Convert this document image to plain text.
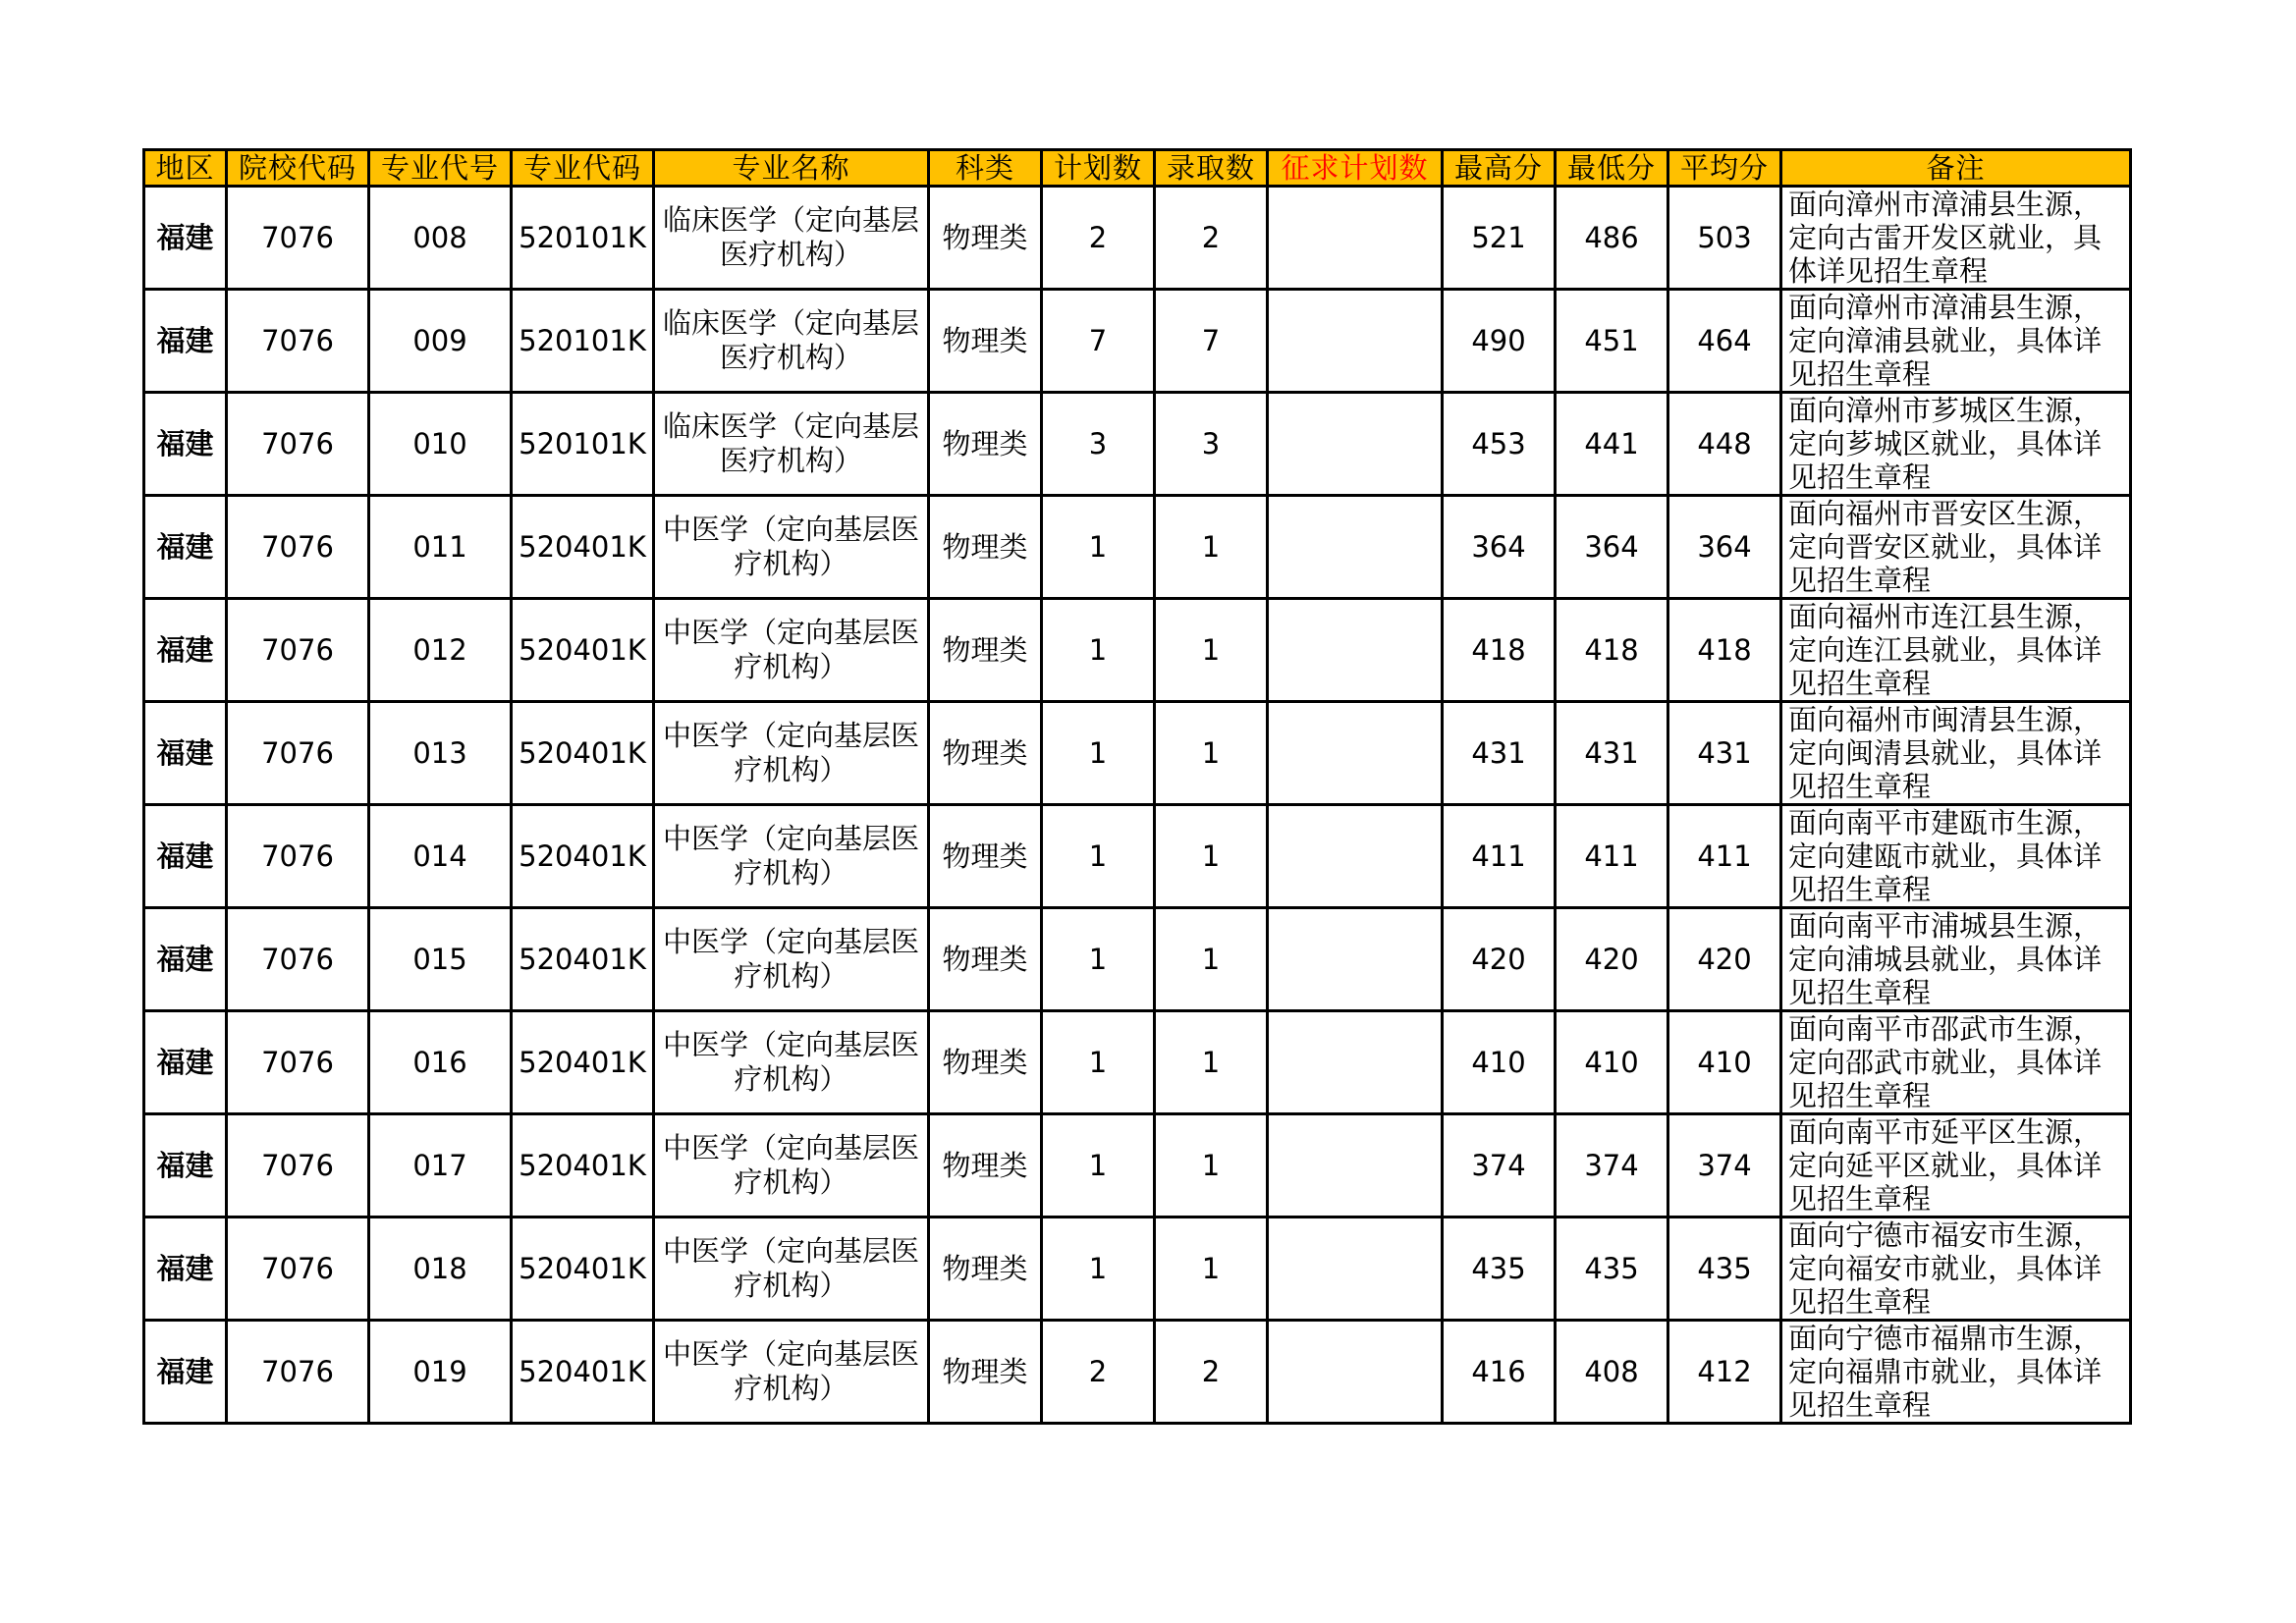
地区	院校代码	专业代号	专业代码	专业名称	科类	计划数	录取数	征求计划数	最高分	最低分	平均分	备注
福建	7076	008	520101K	临床医学（定向基层医疗机构）	物理类	2	2		521	486	503	面向漳州市漳浦县生源，定向古雷开发区就业，具体详见招生章程
福建	7076	009	520101K	临床医学（定向基层医疗机构）	物理类	7	7		490	451	464	面向漳州市漳浦县生源，定向漳浦县就业，具体详见招生章程
福建	7076	010	520101K	临床医学（定向基层医疗机构）	物理类	3	3		453	441	448	面向漳州市芗城区生源，定向芗城区就业，具体详见招生章程
福建	7076	011	520401K	中医学（定向基层医疗机构）	物理类	1	1		364	364	364	面向福州市晋安区生源，定向晋安区就业，具体详见招生章程
福建	7076	012	520401K	中医学（定向基层医疗机构）	物理类	1	1		418	418	418	面向福州市连江县生源，定向连江县就业，具体详见招生章程
福建	7076	013	520401K	中医学（定向基层医疗机构）	物理类	1	1		431	431	431	面向福州市闽清县生源，定向闽清县就业，具体详见招生章程
福建	7076	014	520401K	中医学（定向基层医疗机构）	物理类	1	1		411	411	411	面向南平市建瓯市生源，定向建瓯市就业，具体详见招生章程
福建	7076	015	520401K	中医学（定向基层医疗机构）	物理类	1	1		420	420	420	面向南平市浦城县生源，定向浦城县就业，具体详见招生章程
福建	7076	016	520401K	中医学（定向基层医疗机构）	物理类	1	1		410	410	410	面向南平市邵武市生源，定向邵武市就业，具体详见招生章程
福建	7076	017	520401K	中医学（定向基层医疗机构）	物理类	1	1		374	374	374	面向南平市延平区生源，定向延平区就业，具体详见招生章程
福建	7076	018	520401K	中医学（定向基层医疗机构）	物理类	1	1		435	435	435	面向宁德市福安市生源，定向福安市就业，具体详见招生章程
福建	7076	019	520401K	中医学（定向基层医疗机构）	物理类	2	2		416	408	412	面向宁德市福鼎市生源，定向福鼎市就业，具体详见招生章程
